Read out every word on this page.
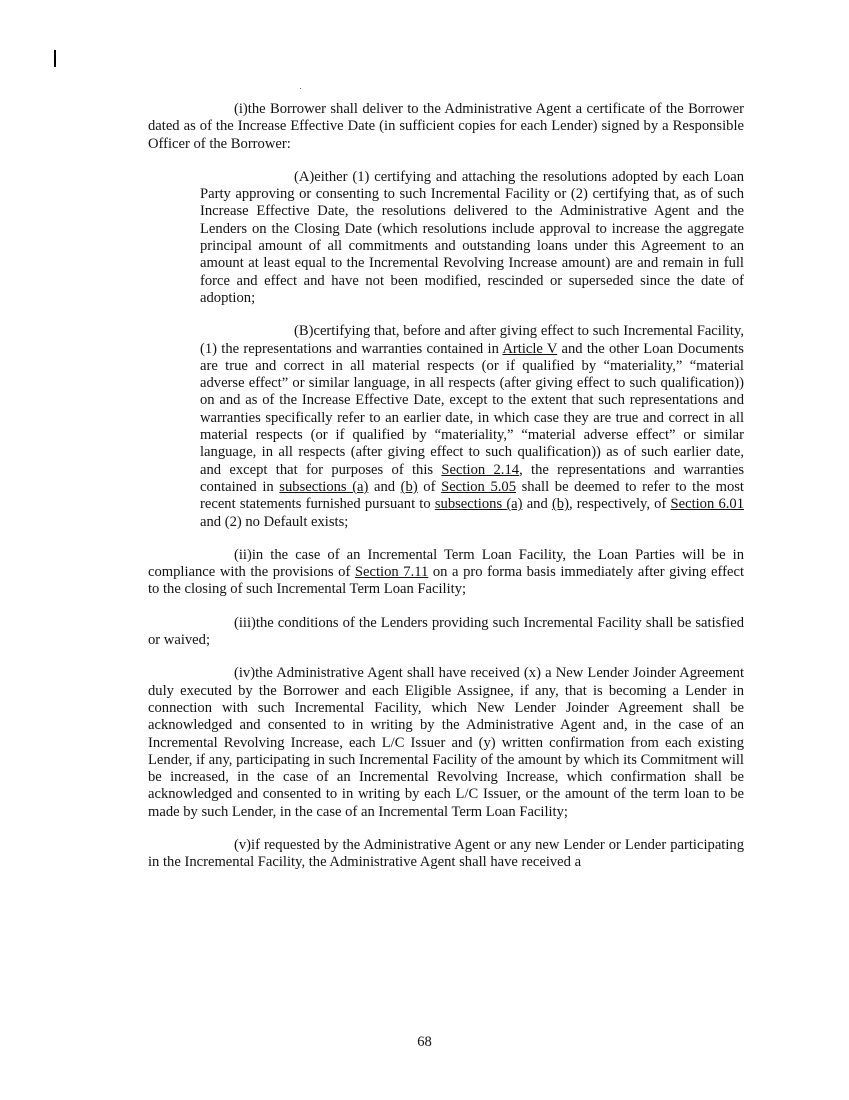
(i)the Borrower shall deliver to the Administrative Agent a certificate of the Borrower dated as of the Increase Effective Date (in sufficient copies for each Lender) signed by a Responsible Officer of the Borrower:

(A)either (1) certifying and attaching the resolutions adopted by each Loan Party approving or consenting to such Incremental Facility or (2) certifying that, as of such Increase Effective Date, the resolutions delivered to the Administrative Agent and the Lenders on the Closing Date (which resolutions include approval to increase the aggregate principal amount of all commitments and outstanding loans under this Agreement to an amount at least equal to the Incremental Revolving Increase amount) are and remain in full force and effect and have not been modified, rescinded or superseded since the date of adoption;

(B)certifying that, before and after giving effect to such Incremental Facility, (1) the representations and warranties contained in Article V and the other Loan Documents are true and correct in all material respects (or if qualified by “materiality,” “material adverse effect” or similar language, in all respects (after giving effect to such qualification)) on and as of the Increase Effective Date, except to the extent that such representations and warranties specifically refer to an earlier date, in which case they are true and correct in all material respects (or if qualified by “materiality,” “material adverse effect” or similar language, in all respects (after giving effect to such qualification)) as of such earlier date, and except that for purposes of this Section 2.14, the representations and warranties contained in subsections (a) and (b) of Section 5.05 shall be deemed to refer to the most recent statements furnished pursuant to subsections (a) and (b), respectively, of Section 6.01 and (2) no Default exists;

(ii)in the case of an Incremental Term Loan Facility, the Loan Parties will be in compliance with the provisions of Section 7.11 on a pro forma basis immediately after giving effect to the closing of such Incremental Term Loan Facility;

(iii)the conditions of the Lenders providing such Incremental Facility shall be satisfied or waived;

(iv)the Administrative Agent shall have received (x) a New Lender Joinder Agreement duly executed by the Borrower and each Eligible Assignee, if any, that is becoming a Lender in connection with such Incremental Facility, which New Lender Joinder Agreement shall be acknowledged and consented to in writing by the Administrative Agent and, in the case of an Incremental Revolving Increase, each L/C Issuer and (y) written confirmation from each existing Lender, if any, participating in such Incremental Facility of the amount by which its Commitment will be increased, in the case of an Incremental Revolving Increase, which confirmation shall be acknowledged and consented to in writing by each L/C Issuer, or the amount of the term loan to be made by such Lender, in the case of an Incremental Term Loan Facility;

(v)if requested by the Administrative Agent or any new Lender or Lender participating in the Incremental Facility, the Administrative Agent shall have received a

68
